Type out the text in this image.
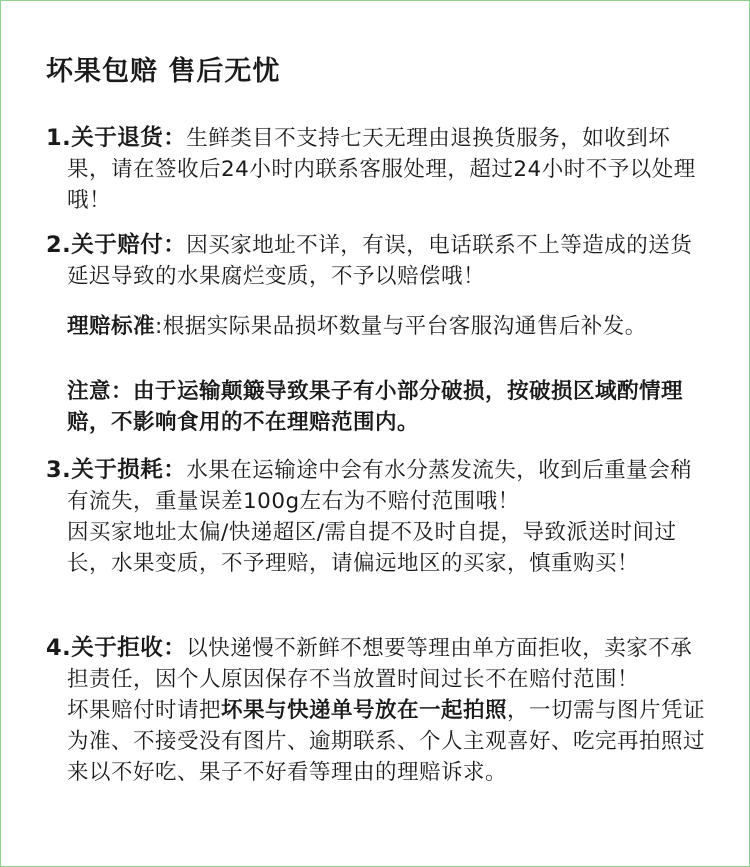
坏果包赔 售后无忧

1.关于退货：生鲜类目不支持七天无理由退换货服务，如收到坏果，请在签收后24小时内联系客服处理，超过24小时不予以处理哦！

2.关于赔付：因买家地址不详，有误，电话联系不上等造成的送货延迟导致的水果腐烂变质，不予以赔偿哦！

理赔标准:根据实际果品损坏数量与平台客服沟通售后补发。

注意：由于运输颠簸导致果子有小部分破损，按破损区域酌情理赔，不影响食用的不在理赔范围内。

3.关于损耗：水果在运输途中会有水分蒸发流失，收到后重量会稍有流失，重量误差100g左右为不赔付范围哦！

因买家地址太偏/快递超区/需自提不及时自提，导致派送时间过长，水果变质，不予理赔，请偏远地区的买家，慎重购买！

4.关于拒收：以快递慢不新鲜不想要等理由单方面拒收，卖家不承担责任，因个人原因保存不当放置时间过长不在赔付范围！

坏果赔付时请把坏果与快递单号放在一起拍照，一切需与图片凭证为准、不接受没有图片、逾期联系、个人主观喜好、吃完再拍照过来以不好吃、果子不好看等理由的理赔诉求。
